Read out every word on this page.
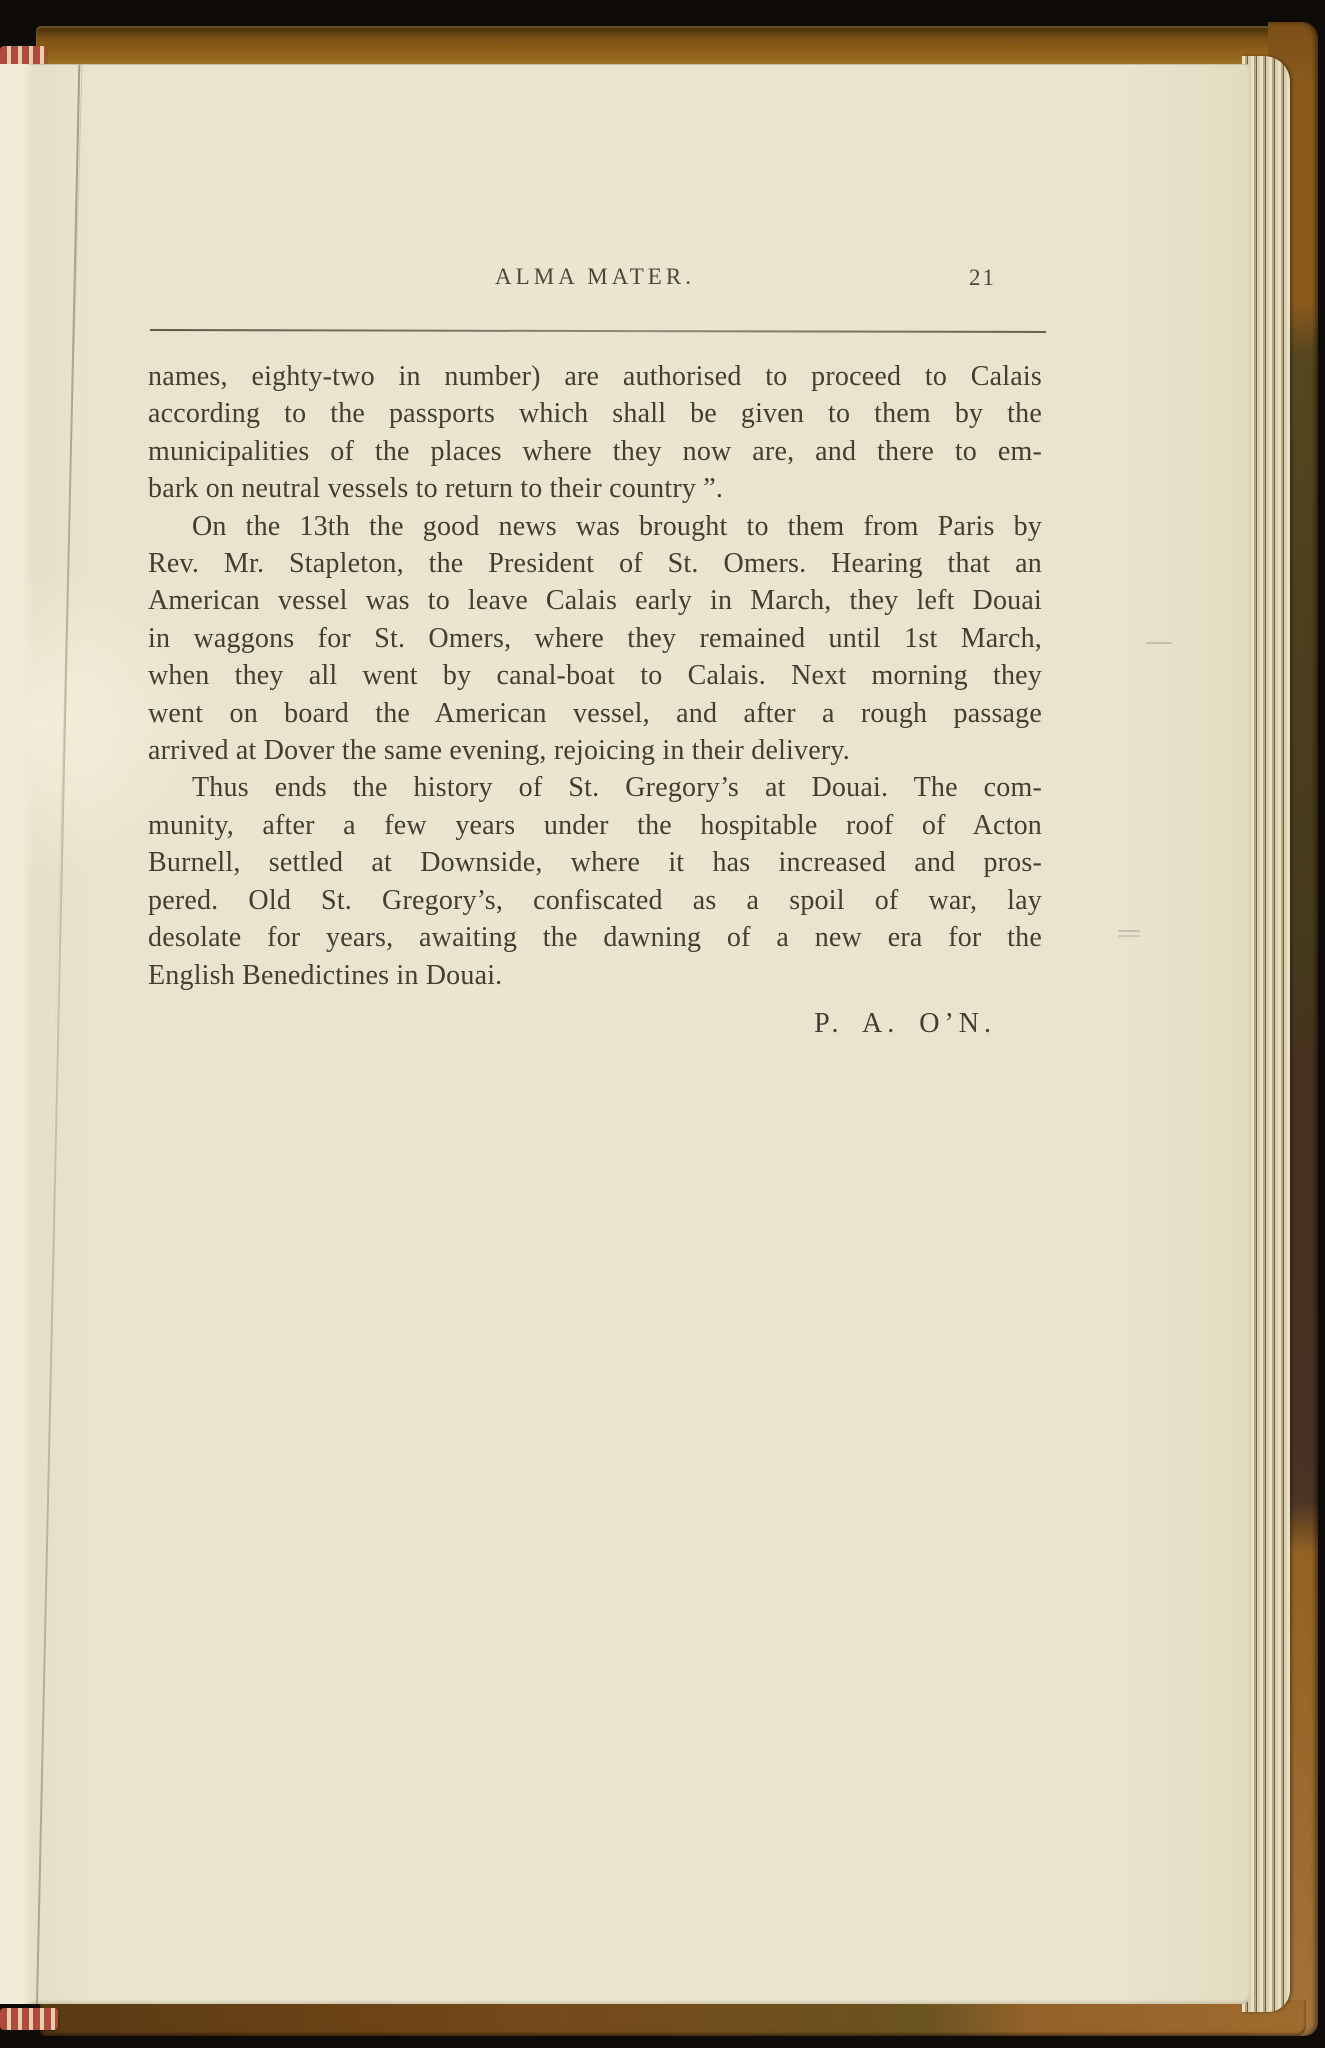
ALMA MATER.	21
names, eighty-two in number) are authorised to proceed to Calais
according to the passports which shall be given to them by the
municipalities of the places where they now are, and there to em-
bark on neutral vessels to return to their country ”.
On the 13th the good news was brought to them from Paris by
Rev. Mr. Stapleton, the President of St. Omers. Hearing that an
American vessel was to leave Calais early in March, they left Douai
in waggons for St. Omers, where they remained until 1st March,
when they all went by canal-boat to Calais. Next morning they
went on board the American vessel, and after a rough passage
arrived at Dover the same evening, rejoicing in their delivery.
Thus ends the history of St. Gregory’s at Douai. The com-
munity, after a few years under the hospitable roof of Acton
Burnell, settled at Downside, where it has increased and pros-
pered. Old St. Gregory’s, confiscated as a spoil of war, lay
desolate for years, awaiting the dawning of a new era for the
English Benedictines in Douai.
P. A. O’N.
